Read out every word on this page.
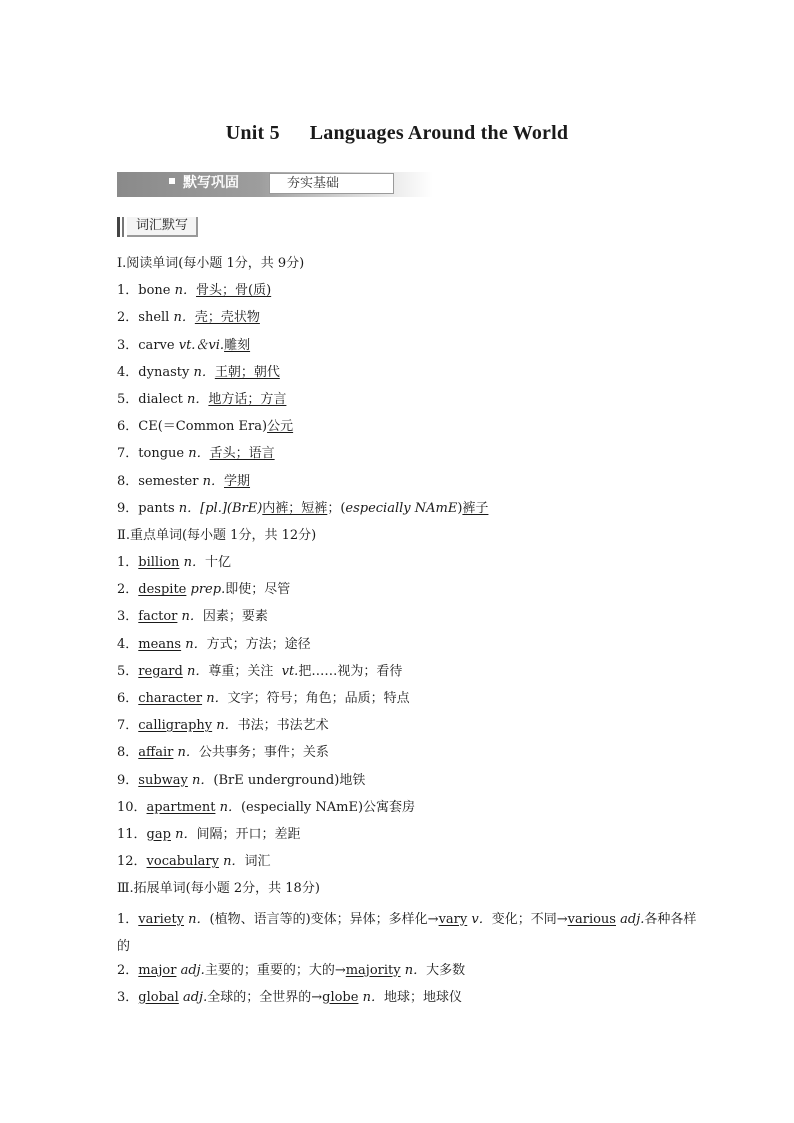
Unit 5 Languages Around the World
默写巩固	夯实基础
词汇默写
Ⅰ.阅读单词(每小题 1分，共 9分)
1．bone n．骨头；骨(质)
2．shell n．壳；壳状物
3．carve vt.＆vi.雕刻
4．dynasty n．王朝；朝代
5．dialect n．地方话；方言
6．CE(＝Common Era)公元
7．tongue n．舌头；语言
8．semester n．学期
9．pants n．[pl.](BrE)内裤；短裤；(especially NAmE)裤子
Ⅱ.重点单词(每小题 1分，共 12分)
1．billion n．十亿
2．despite prep.即使；尽管
3．factor n．因素；要素
4．means n．方式；方法；途径
5．regard n．尊重；关注 vt.把……视为；看待
6．character n．文字；符号；角色；品质；特点
7．calligraphy n．书法；书法艺术
8．affair n．公共事务；事件；关系
9．subway n．(BrE underground)地铁
10．apartment n．(especially NAmE)公寓套房
11．gap n．间隔；开口；差距
12．vocabulary n．词汇
Ⅲ.拓展单词(每小题 2分，共 18分)
1．variety n．(植物、语言等的)变体；异体；多样化→vary v．变化；不同→various adj.各种各样的
2．major adj.主要的；重要的；大的→majority n．大多数
3．global adj.全球的；全世界的→globe n．地球；地球仪
